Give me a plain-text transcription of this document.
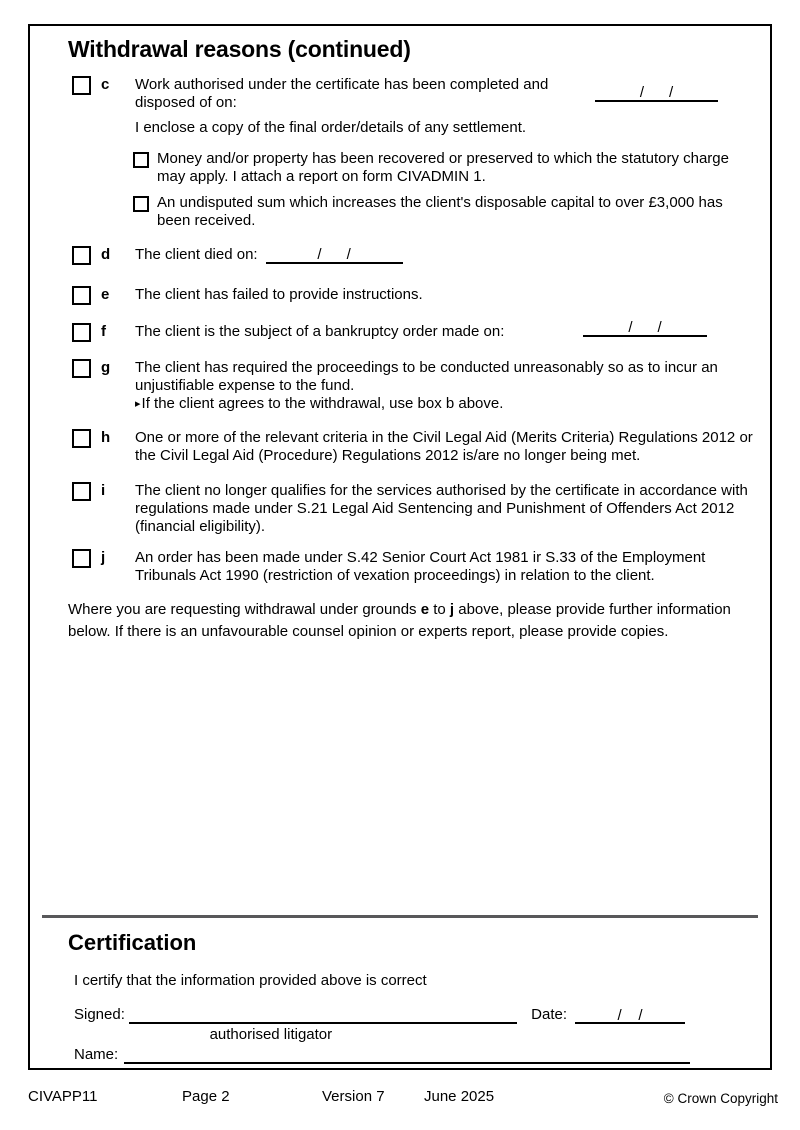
Withdrawal reasons (continued)
c	Work authorised under the certificate has been completed and disposed of on:
/      /
I enclose a copy of the final order/details of any settlement.
Money and/or property has been recovered or preserved to which the statutory charge may apply. I attach a report on form CIVADMIN 1.
An undisputed sum which increases the client's disposable capital to over £3,000 has been received.
d	The client died on:	/      /
e	The client has failed to provide instructions.
f	The client is the subject of a bankruptcy order made on:	/      /
g	The client has required the proceedings to be conducted unreasonably so as to incur an unjustifiable expense to the fund.
▸If the client agrees to the withdrawal, use box b above.
h	One or more of the relevant criteria in the Civil Legal Aid (Merits Criteria) Regulations 2012 or the Civil Legal Aid (Procedure) Regulations 2012 is/are no longer being met.
i	The client no longer qualifies for the services authorised by the certificate in accordance with regulations made under S.21 Legal Aid Sentencing and Punishment of Offenders Act 2012 (financial eligibility).
j	An order has been made under S.42 Senior Court Act 1981 ir S.33 of the Employment Tribunals Act 1990 (restriction of vexation proceedings) in relation to the client.
Where you are requesting withdrawal under grounds e to j above, please provide further information below. If there is an unfavourable counsel opinion or experts report, please provide copies.
Certification
I certify that the information provided above is correct
Signed:
authorised litigator
Date:	/    /
Name:
CIVAPP11	Page 2	Version 7	June 2025	© Crown Copyright
